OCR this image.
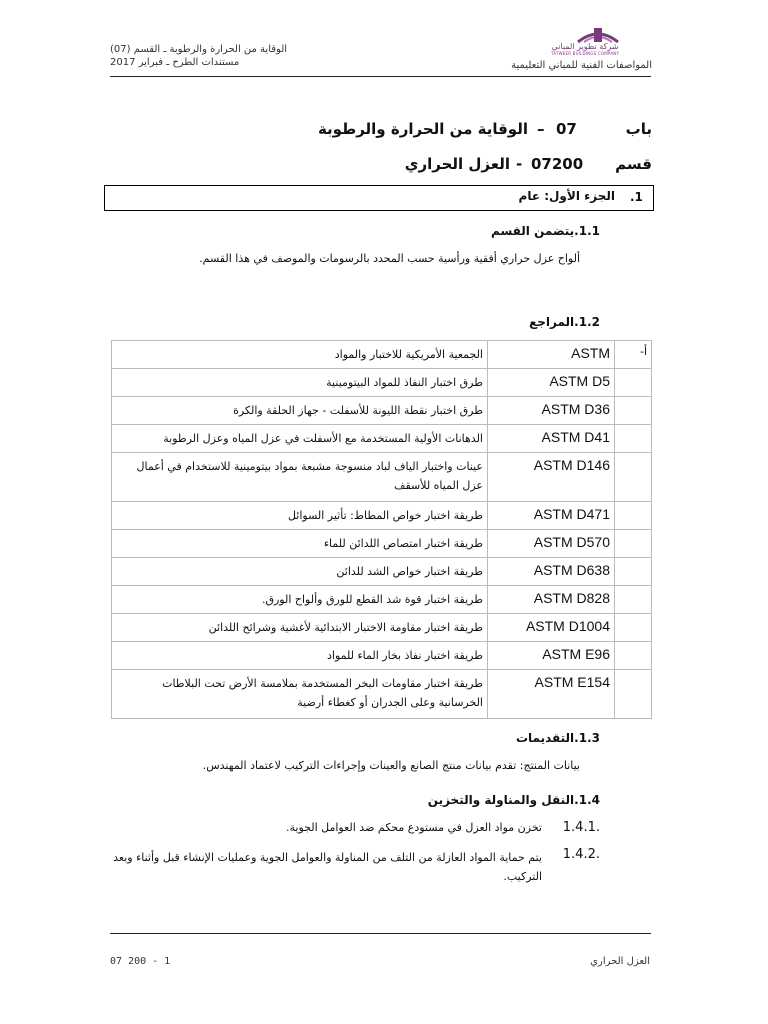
الوقاية من الحرارة والرطوبة ـ القسم (07)
مستندات الطرح ـ فبراير 2017
شركة تطوير المباني
TATWEER BUILDINGS COMPANY
المواصفات الفنية للمباني التعليمية
باب
07
–
الوقاية من الحرارة والرطوبة
قسم
07200
-
العزل الحراري
.1
الجزء الأول: عام
1.1.يتضمن القسم
ألواح عزل حراري أفقية ورأسية حسب المحدد بالرسومات والموصف في هذا القسم.
1.2.المراجع
الجمعية الأمريكية للاختبار والمواد	ASTM	أ-
طرق اختبار النفاذ للمواد البيتومينية	ASTM D5	
طرق اختبار نقطة الليونة للأسفلت - جهاز الحلقة والكرة	ASTM D36	
الدهانات الأولية المستخدمة مع الأسفلت في عزل المياه وعزل الرطوبة	ASTM D41	
عينات واختبار الياف لباد منسوجة مشبعة بمواد بيتومينية للاستخدام في أعمال عزل المياه للأسقف	ASTM D146	
طريقة اختبار خواص المطاط: تأثير السوائل	ASTM D471	
طريقة اختبار امتصاص اللدائن للماء	ASTM D570	
طريقة اختبار خواص الشد للدائن	ASTM D638	
طريقة اختبار قوة شد القطع للورق وألواح الورق.	ASTM D828	
طريقة اختبار مقاومة الاختبار الابتدائية لأغشية وشرائح اللدائن	ASTM D1004	
طريقة اختبار نفاذ بخار الماء للمواد	ASTM E96	
طريقة اختبار مقاومات البخر المستخدمة بملامسة الأرض تحت البلاطات الخرسانية وعلى الجدران أو كغطاء أرضية	ASTM E154	
1.3.التقديمات
بيانات المنتج: تقدم بيانات منتج الصانع والعينات وإجراءات التركيب لاعتماد المهندس.
1.4.النقل والمناولة والتخزين
1.4.1.
تخزن مواد العزل في مستودع محكم ضد العوامل الجوية.
1.4.2.
يتم حماية المواد العازلة من التلف من المناولة والعوامل الجوية وعمليات الإنشاء قبل وأثناء وبعد التركيب.
07 200 - 1	العزل الحراري
